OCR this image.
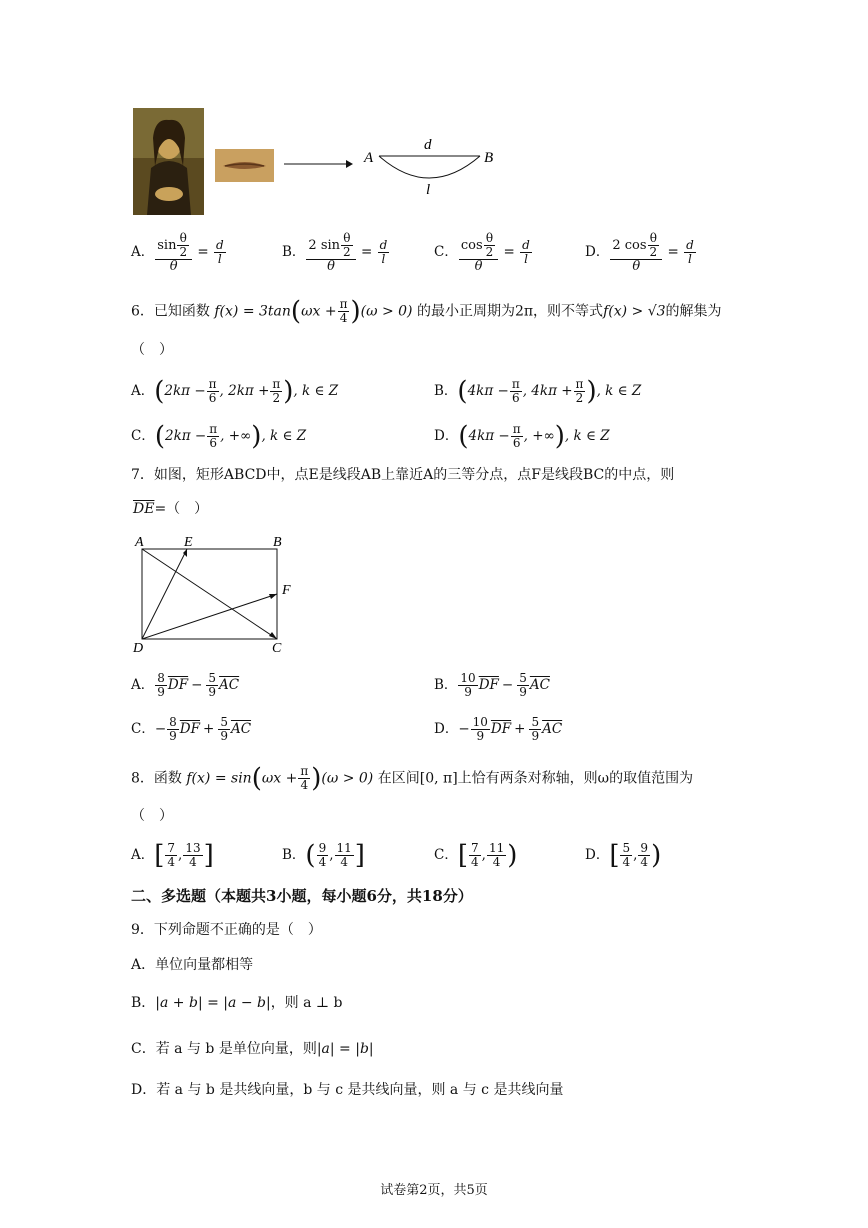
A	B
d
l
A． $\frac{\sin \frac{\theta}{2}}{\theta} = \frac{d}{l}$	B． $\frac{2 \sin \frac{\theta}{2}}{\theta} = \frac{d}{l}$	C． $\frac{\cos \frac{\theta}{2}}{\theta} = \frac{d}{l}$	D． $\frac{2 \cos \frac{\theta}{2}}{\theta} = \frac{d}{l}$
6．已知函数 $f(x) = 3\tan(\omega x + \frac{\pi}{4} )(\omega > 0)$ 的最小正周期为2π，则不等式f(x) > √3的解集为
（　）
A．($2k\pi - \frac{\pi}{6}$ , $2k\pi + \frac{\pi}{2}$ ), k ∈ Z	B．($4k\pi - \frac{\pi}{6}$ , $4k\pi + \frac{\pi}{2}$ ), k ∈ Z
C．($2k\pi - \frac{\pi}{6}$ , +∞), k ∈ Z	D．($4k\pi - \frac{\pi}{6}$ , +∞), k ∈ Z
7．如图，矩形ABCD中，点E是线段AB上靠近A的三等分点，点F是线段BC的中点，则
$\overline{DE}=$（　）
A	E	B
F
D	C
A． $\frac{8}{9} \overline{DF} - \frac{5}{9} \overline{AC}$	B． $\frac{10}{9} \overline{DF} - \frac{5}{9} \overline{AC}$
C．− $\frac{8}{9} \overline{DF} + \frac{5}{9} \overline{AC}$	D．− $\frac{10}{9} \overline{DF} + \frac{5}{9} \overline{AC}$
8．函数 $f(x) = \sin(\omega x + \frac{\pi}{4} )(\omega > 0)$ 在区间[0, π]上恰有两条对称轴，则ω的取值范围为
（　）
A．[ $\frac{7}{4}$ , $\frac{13}{4}$ ]	B．( $\frac{9}{4}$ , $\frac{11}{4}$ ]	C．[ $\frac{7}{4}$ , $\frac{11}{4}$ )	D．[ $\frac{5}{4}$ , $\frac{9}{4}$ )
二、多选题（本题共3小题，每小题6分，共18分）
9．下列命题不正确的是（　）
A．单位向量都相等
B．|a + b| = |a − b|，则 a ⊥ b
C．若 a 与 b 是单位向量，则|a| = |b|
D．若 a 与 b 是共线向量，b 与 c 是共线向量，则 a 与 c 是共线向量
试卷第2页，共5页
